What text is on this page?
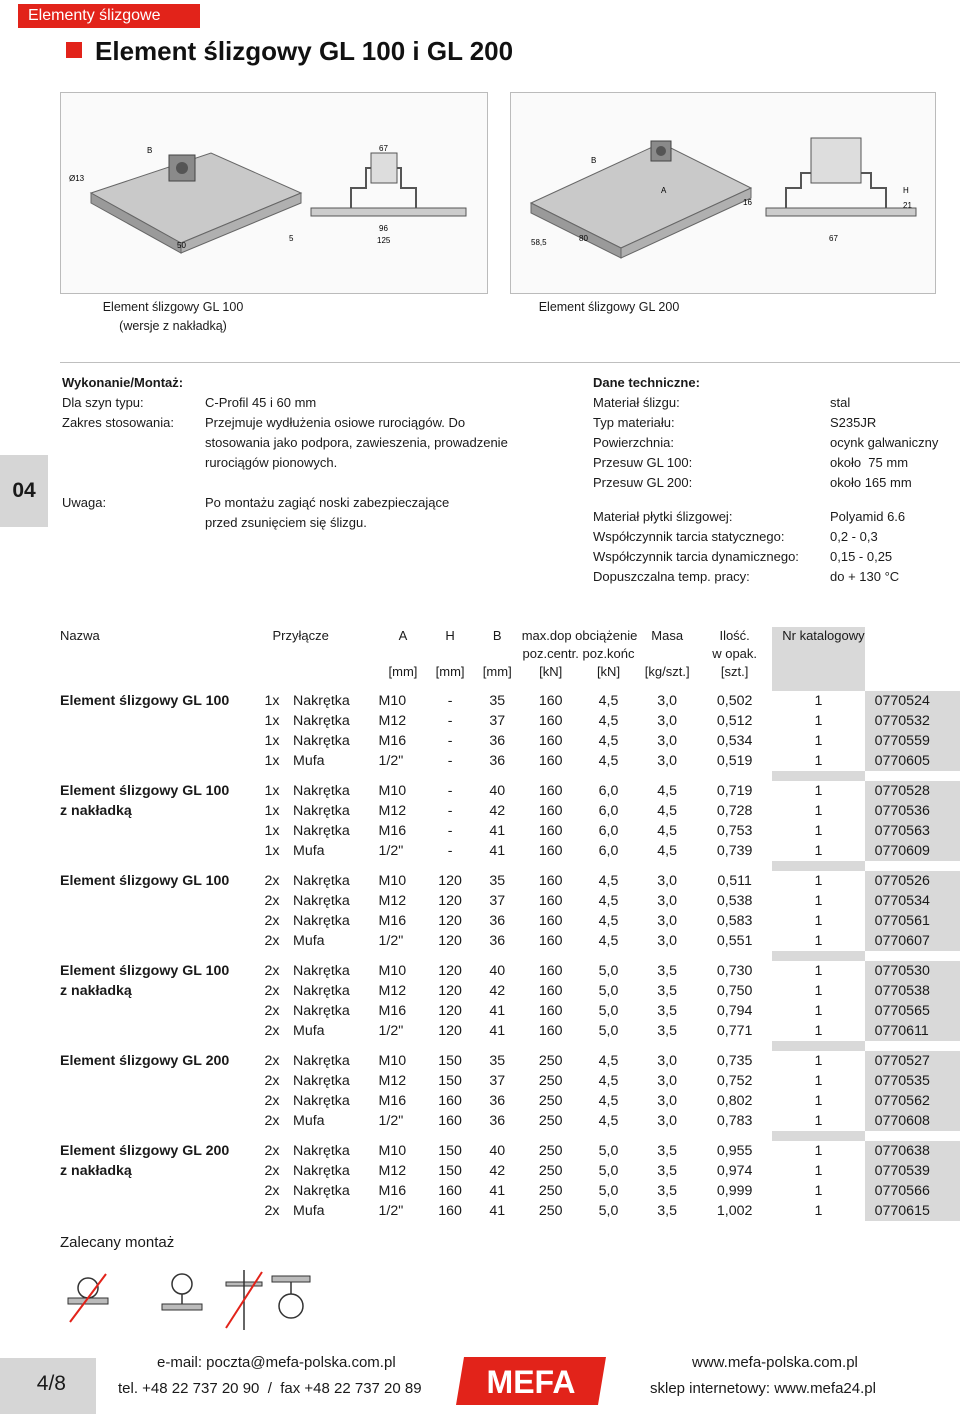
Elementy ślizgowe
Element ślizgowy GL 100 i GL 200
B
Ø13
50
67
5
96
125
B
A
58,5	80
16
H
21
67
Element ślizgowy GL 100
(wersje z nakładką)
Element ślizgowy GL 200
04
Wykonanie/Montaż:
Dla szyn typu:	C-Profil 45 i 60 mm
Zakres stosowania:	Przejmuje wydłużenia osiowe rurociągów. Do
stosowania jako podpora, zawieszenia, prowadzenie
rurociągów pionowych.
Uwaga:	Po montażu zagiąć noski zabezpieczające
przed zsunięciem się ślizgu.
Dane techniczne:
Materiał ślizgu:	stal
Typ materiału:	S235JR
Powierzchnia:	ocynk galwaniczny
Przesuw GL 100:	około  75 mm
Przesuw GL 200:	około 165 mm
Materiał płytki ślizgowej:	Polyamid 6.6
Współczynnik tarcia statycznego:	0,2 - 0,3
Współczynnik tarcia dynamicznego:	0,15 - 0,25
Dopuszczalna temp. pracy:	do + 130 °C
Nazwa	Przyłącze		A	H	B	max.dop obciążenie		Masa	Ilość.	Nr katalogowy	
						poz.centr.	poz.końc		w opak.		
			[mm]	[mm]	[mm]	[kN]	[kN]	[kg/szt.]	[szt.]		

Element ślizgowy GL 100	1x	Nakrętka	M10	-	35	160	4,5	3,0	0,502	1	0770524
	1x	Nakrętka	M12	-	37	160	4,5	3,0	0,512	1	0770532
	1x	Nakrętka	M16	-	36	160	4,5	3,0	0,534	1	0770559
	1x	Mufa	1/2"	-	36	160	4,5	3,0	0,519	1	0770605

Element ślizgowy GL 100	1x	Nakrętka	M10	-	40	160	6,0	4,5	0,719	1	0770528
z nakładką	1x	Nakrętka	M12	-	42	160	6,0	4,5	0,728	1	0770536
	1x	Nakrętka	M16	-	41	160	6,0	4,5	0,753	1	0770563
	1x	Mufa	1/2"	-	41	160	6,0	4,5	0,739	1	0770609

Element ślizgowy GL 100	2x	Nakrętka	M10	120	35	160	4,5	3,0	0,511	1	0770526
	2x	Nakrętka	M12	120	37	160	4,5	3,0	0,538	1	0770534
	2x	Nakrętka	M16	120	36	160	4,5	3,0	0,583	1	0770561
	2x	Mufa	1/2"	120	36	160	4,5	3,0	0,551	1	0770607

Element ślizgowy GL 100	2x	Nakrętka	M10	120	40	160	5,0	3,5	0,730	1	0770530
z nakładką	2x	Nakrętka	M12	120	42	160	5,0	3,5	0,750	1	0770538
	2x	Nakrętka	M16	120	41	160	5,0	3,5	0,794	1	0770565
	2x	Mufa	1/2"	120	41	160	5,0	3,5	0,771	1	0770611

Element ślizgowy GL 200	2x	Nakrętka	M10	150	35	250	4,5	3,0	0,735	1	0770527
	2x	Nakrętka	M12	150	37	250	4,5	3,0	0,752	1	0770535
	2x	Nakrętka	M16	160	36	250	4,5	3,0	0,802	1	0770562
	2x	Mufa	1/2"	160	36	250	4,5	3,0	0,783	1	0770608

Element ślizgowy GL 200	2x	Nakrętka	M10	150	40	250	5,0	3,5	0,955	1	0770638
z nakładką	2x	Nakrętka	M12	150	42	250	5,0	3,5	0,974	1	0770539
	2x	Nakrętka	M16	160	41	250	5,0	3,5	0,999	1	0770566
	2x	Mufa	1/2"	160	41	250	5,0	3,5	1,002	1	0770615
Zalecany montaż
4/8
e-mail: poczta@mefa-polska.com.pl
tel. +48 22 737 20 90  /  fax +48 22 737 20 89 MEFA
www.mefa-polska.com.pl
sklep internetowy: www.mefa24.pl
